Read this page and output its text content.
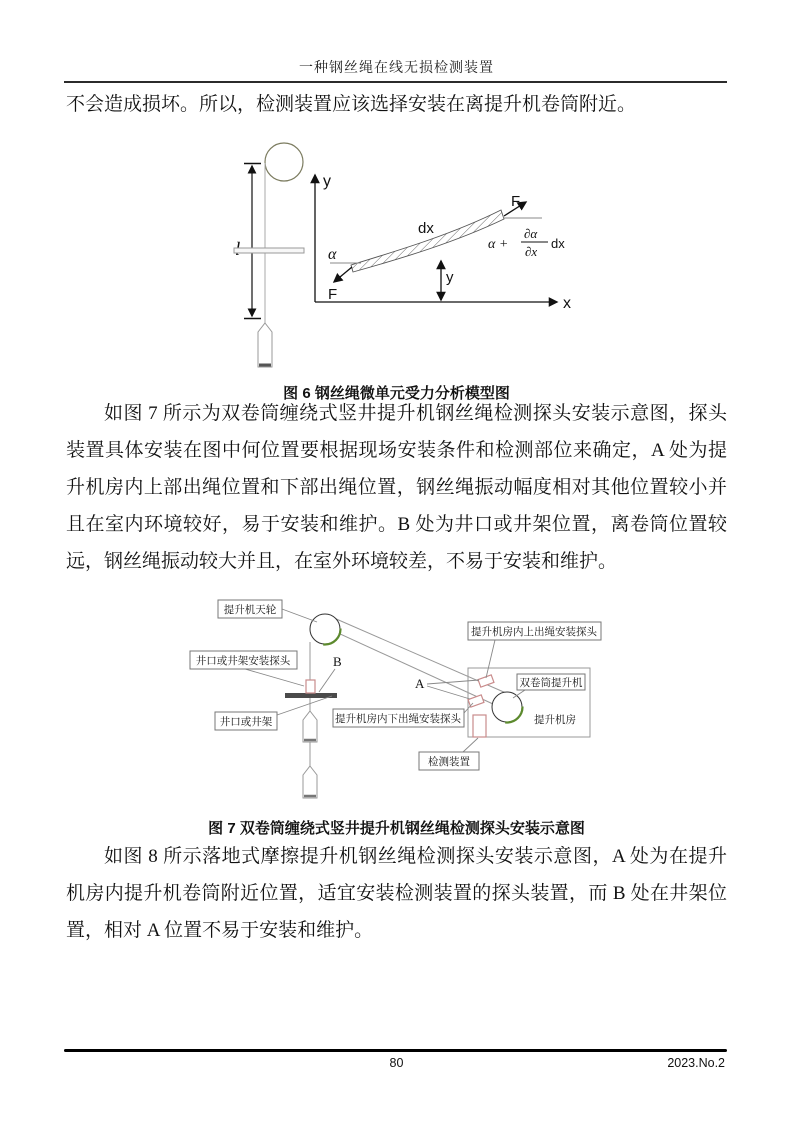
一种钢丝绳在线无损检测装置
不会造成损坏。所以，检测装置应该选择安装在离提升机卷筒附近。
y
x
dx
α
F
F
α +
∂α
∂x
dx
y
图 6 钢丝绳微单元受力分析模型图
如图 7 所示为双卷筒缠绕式竖井提升机钢丝绳检测探头安装示意图，探头装置具体安装在图中何位置要根据现场安装条件和检测部位来确定，A 处为提升机房内上部出绳位置和下部出绳位置，钢丝绳振动幅度相对其他位置较小并且在室内环境较好，易于安装和维护。B 处为井口或井架位置，离卷筒位置较远，钢丝绳振动较大并且，在室外环境较差，不易于安装和维护。
提升机天轮
井口或井架安装探头
井口或井架
提升机房内上出绳安装探头
双卷筒提升机
提升机房内下出绳安装探头
检测装置
提升机房
B
A
图 7 双卷筒缠绕式竖井提升机钢丝绳检测探头安装示意图
如图 8 所示落地式摩擦提升机钢丝绳检测探头安装示意图，A 处为在提升机房内提升机卷筒附近位置，适宜安装检测装置的探头装置，而 B 处在井架位置，相对 A 位置不易于安装和维护。
80	2023.No.2
